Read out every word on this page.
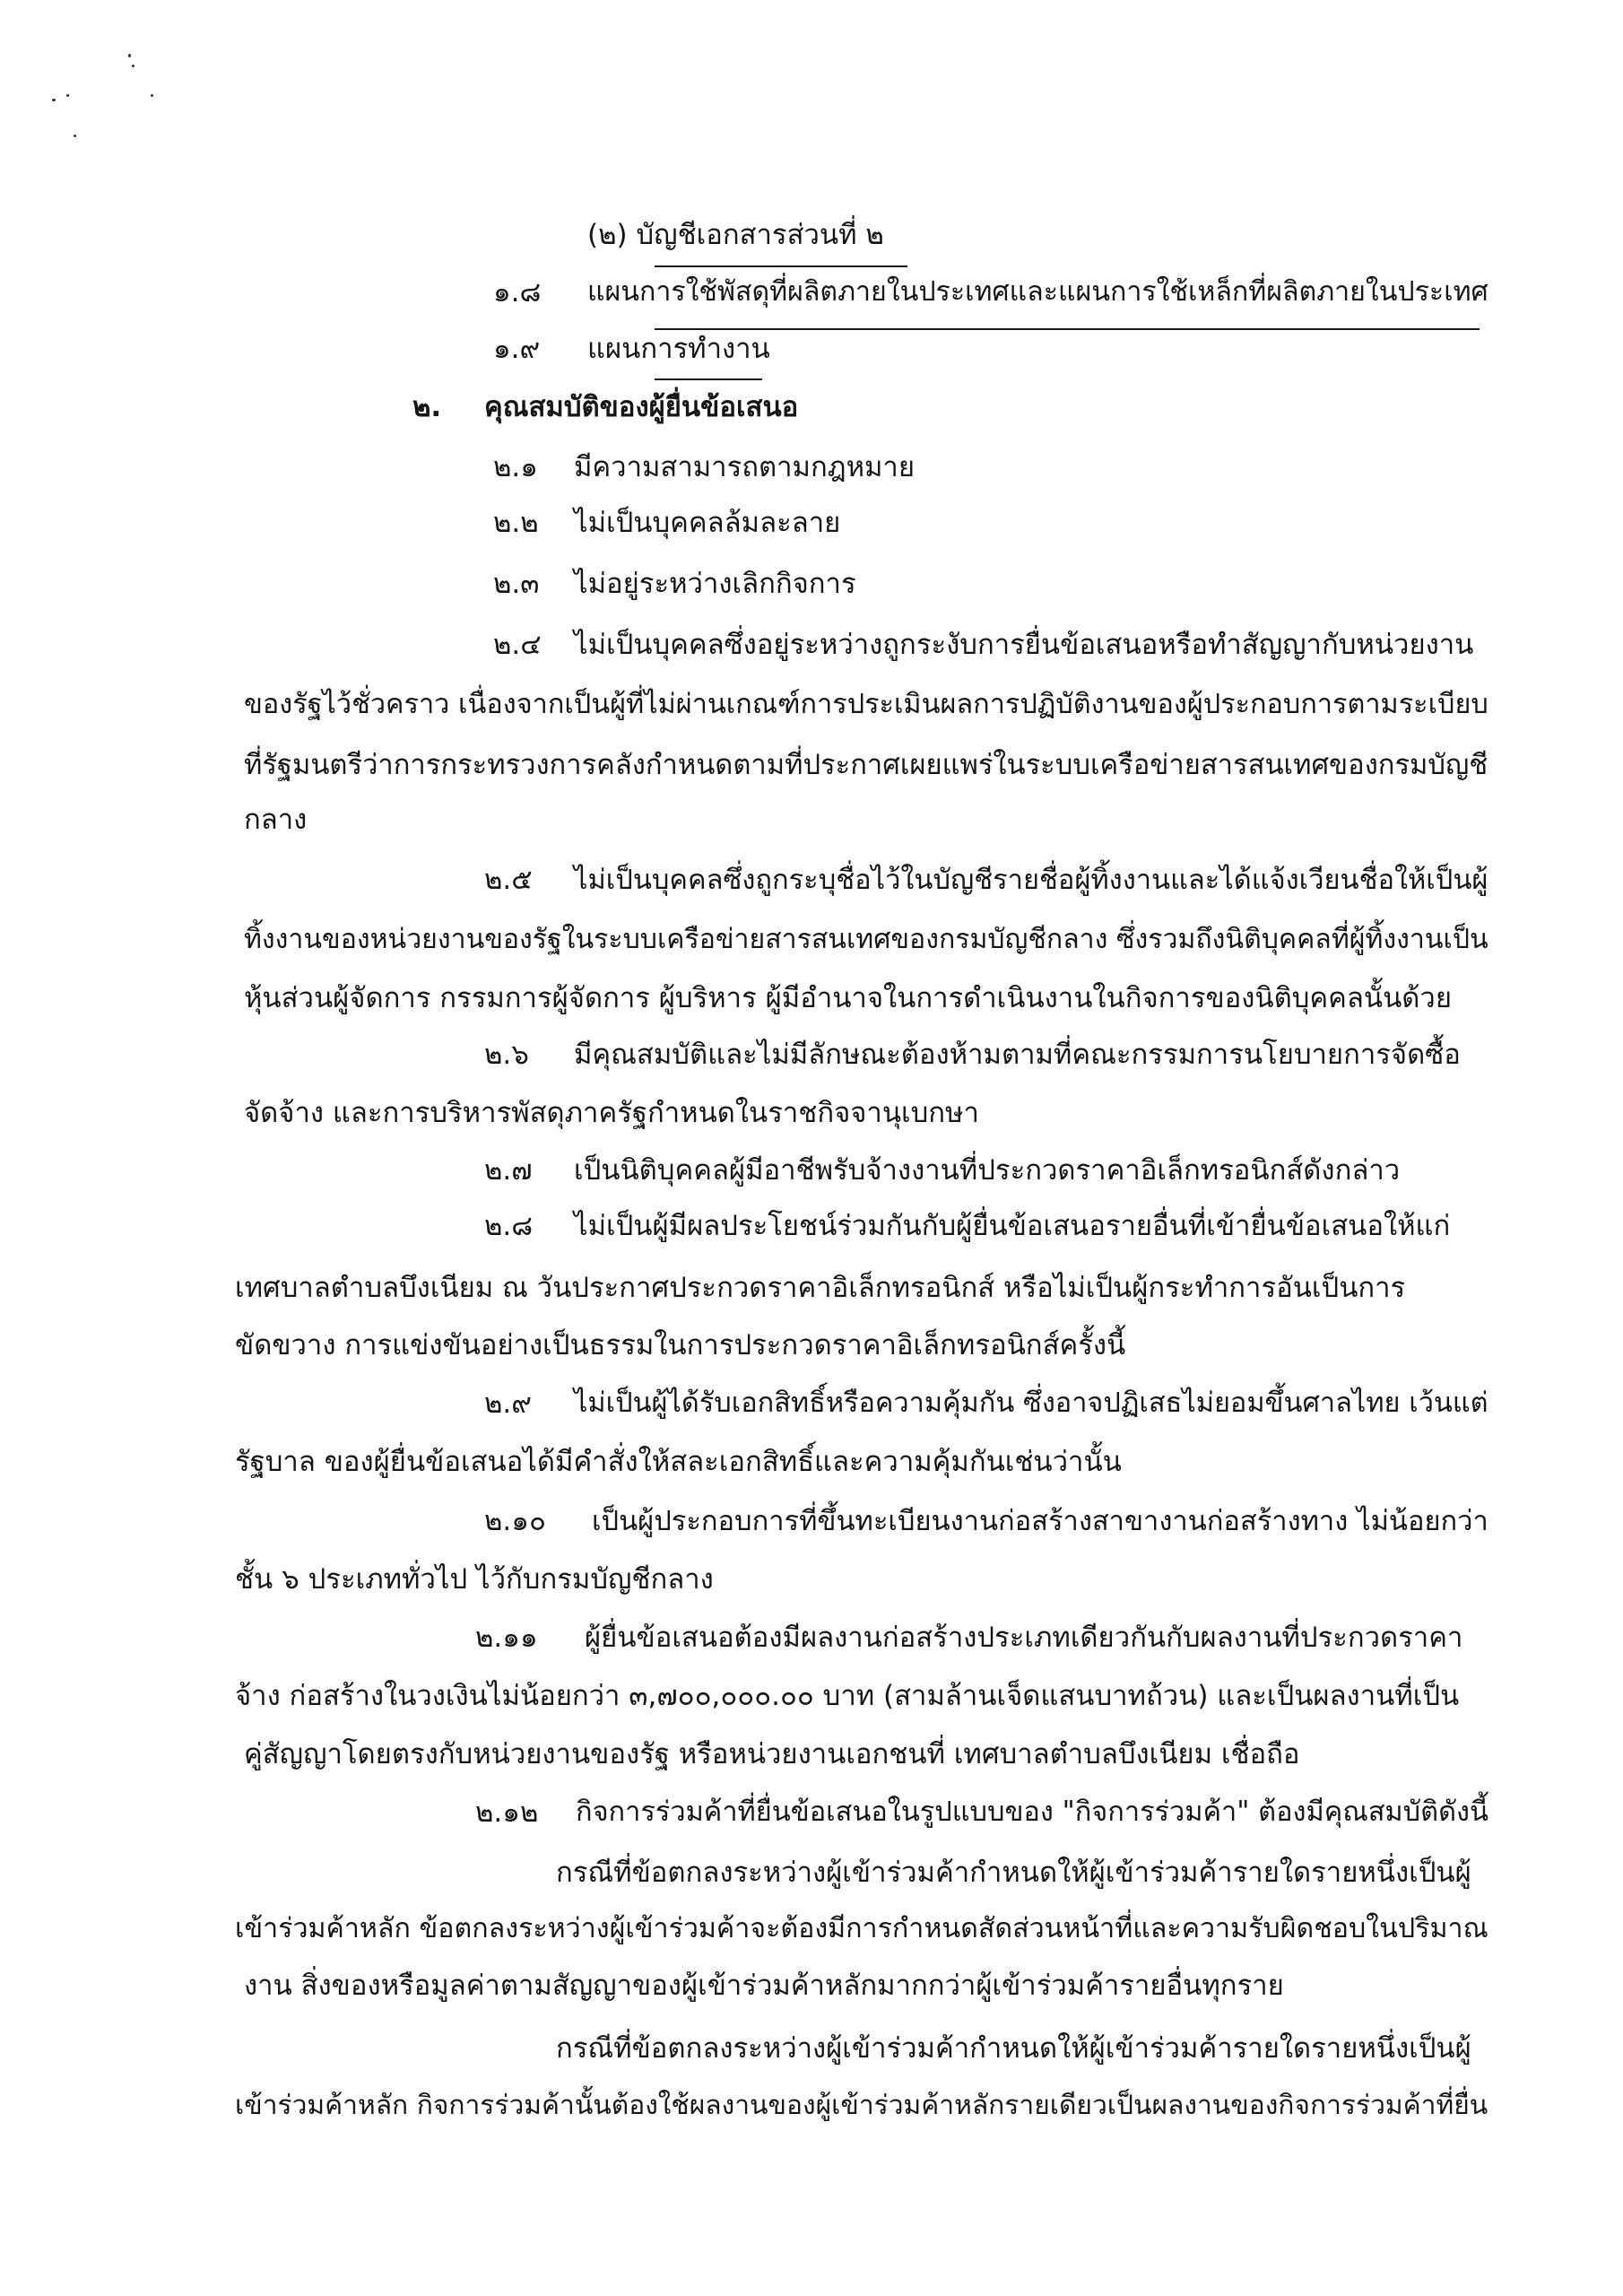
(๒) บัญชีเอกสารส่วนที่ ๒

๑.๘ แผนการใช้พัสดุที่ผลิตภายในประเทศและแผนการใช้เหล็กที่ผลิตภายในประเทศ

๑.๙ แผนการทำงาน

๒. คุณสมบัติของผู้ยื่นข้อเสนอ

๒.๑ มีความสามารถตามกฎหมาย

๒.๒ ไม่เป็นบุคคลล้มละลาย

๒.๓ ไม่อยู่ระหว่างเลิกกิจการ

๒.๔ ไม่เป็นบุคคลซึ่งอยู่ระหว่างถูกระงับการยื่นข้อเสนอหรือทำสัญญากับหน่วยงาน

ของรัฐไว้ชั่วคราว เนื่องจากเป็นผู้ที่ไม่ผ่านเกณฑ์การประเมินผลการปฏิบัติงานของผู้ประกอบการตามระเบียบ

ที่รัฐมนตรีว่าการกระทรวงการคลังกำหนดตามที่ประกาศเผยแพร่ในระบบเครือข่ายสารสนเทศของกรมบัญชี

กลาง

๒.๕ ไม่เป็นบุคคลซึ่งถูกระบุชื่อไว้ในบัญชีรายชื่อผู้ทิ้งงานและได้แจ้งเวียนชื่อให้เป็นผู้

ทิ้งงานของหน่วยงานของรัฐในระบบเครือข่ายสารสนเทศของกรมบัญชีกลาง ซึ่งรวมถึงนิติบุคคลที่ผู้ทิ้งงานเป็น

หุ้นส่วนผู้จัดการ กรรมการผู้จัดการ ผู้บริหาร ผู้มีอำนาจในการดำเนินงานในกิจการของนิติบุคคลนั้นด้วย

๒.๖ มีคุณสมบัติและไม่มีลักษณะต้องห้ามตามที่คณะกรรมการนโยบายการจัดซื้อ

จัดจ้าง และการบริหารพัสดุภาครัฐกำหนดในราชกิจจานุเบกษา

๒.๗ เป็นนิติบุคคลผู้มีอาชีพรับจ้างงานที่ประกวดราคาอิเล็กทรอนิกส์ดังกล่าว

๒.๘ ไม่เป็นผู้มีผลประโยชน์ร่วมกันกับผู้ยื่นข้อเสนอรายอื่นที่เข้ายื่นข้อเสนอให้แก่

เทศบาลตำบลบึงเนียม ณ วันประกาศประกวดราคาอิเล็กทรอนิกส์ หรือไม่เป็นผู้กระทำการอันเป็นการ

ขัดขวาง การแข่งขันอย่างเป็นธรรมในการประกวดราคาอิเล็กทรอนิกส์ครั้งนี้

๒.๙ ไม่เป็นผู้ได้รับเอกสิทธิ์หรือความคุ้มกัน ซึ่งอาจปฏิเสธไม่ยอมขึ้นศาลไทย เว้นแต่

รัฐบาล ของผู้ยื่นข้อเสนอได้มีคำสั่งให้สละเอกสิทธิ์และความคุ้มกันเช่นว่านั้น

๒.๑๐ เป็นผู้ประกอบการที่ขึ้นทะเบียนงานก่อสร้างสาขางานก่อสร้างทาง ไม่น้อยกว่า

ชั้น ๖ ประเภททั่วไป ไว้กับกรมบัญชีกลาง

๒.๑๑ ผู้ยื่นข้อเสนอต้องมีผลงานก่อสร้างประเภทเดียวกันกับผลงานที่ประกวดราคา

จ้าง ก่อสร้างในวงเงินไม่น้อยกว่า ๓,๗๐๐,๐๐๐.๐๐ บาท (สามล้านเจ็ดแสนบาทถ้วน) และเป็นผลงานที่เป็น

คู่สัญญาโดยตรงกับหน่วยงานของรัฐ หรือหน่วยงานเอกชนที่ เทศบาลตำบลบึงเนียม เชื่อถือ

๒.๑๒ กิจการร่วมค้าที่ยื่นข้อเสนอในรูปแบบของ "กิจการร่วมค้า" ต้องมีคุณสมบัติดังนี้

กรณีที่ข้อตกลงระหว่างผู้เข้าร่วมค้ากำหนดให้ผู้เข้าร่วมค้ารายใดรายหนึ่งเป็นผู้

เข้าร่วมค้าหลัก ข้อตกลงระหว่างผู้เข้าร่วมค้าจะต้องมีการกำหนดสัดส่วนหน้าที่และความรับผิดชอบในปริมาณ

งาน สิ่งของหรือมูลค่าตามสัญญาของผู้เข้าร่วมค้าหลักมากกว่าผู้เข้าร่วมค้ารายอื่นทุกราย

กรณีที่ข้อตกลงระหว่างผู้เข้าร่วมค้ากำหนดให้ผู้เข้าร่วมค้ารายใดรายหนึ่งเป็นผู้

เข้าร่วมค้าหลัก กิจการร่วมค้านั้นต้องใช้ผลงานของผู้เข้าร่วมค้าหลักรายเดียวเป็นผลงานของกิจการร่วมค้าที่ยื่น
